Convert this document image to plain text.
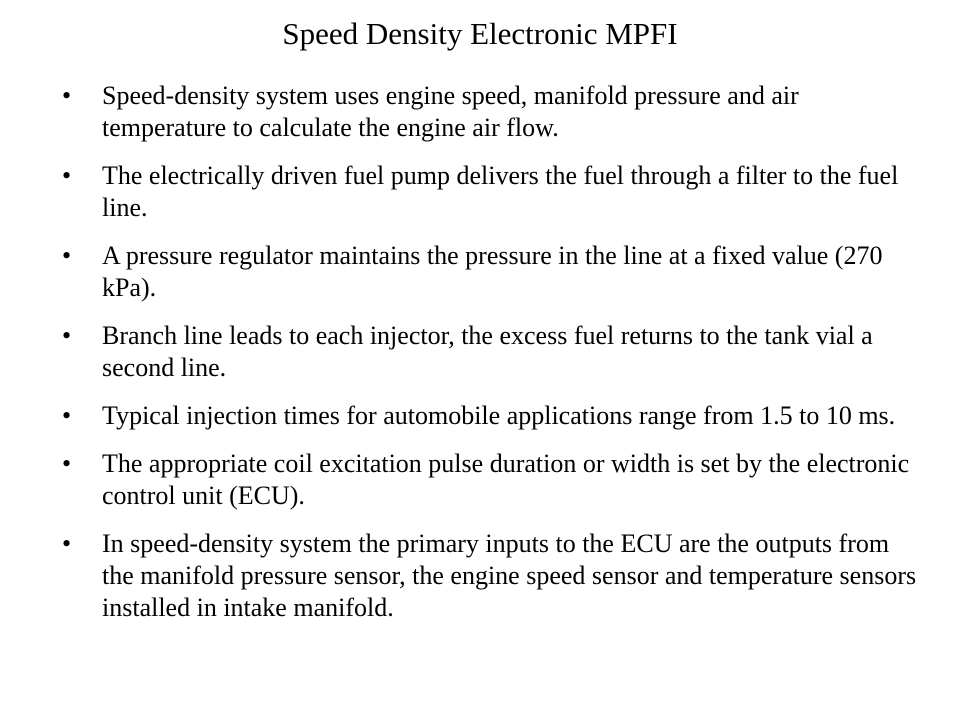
Speed Density Electronic MPFI
•	Speed-density system uses engine speed, manifold pressure and air temperature to calculate the engine air flow.
•	The electrically driven fuel pump delivers the fuel through a filter to the fuel line.
•	A pressure regulator maintains the pressure in the line at a fixed value (270 kPa).
•	Branch line leads to each injector, the excess fuel returns to the tank vial a second line.
•	Typical injection times for automobile applications range from 1.5 to 10 ms.
•	The appropriate coil excitation pulse duration or width is set by the electronic control unit (ECU).
•	In speed-density system the primary inputs to the ECU are the outputs from the manifold pressure sensor, the engine speed sensor and temperature sensors installed in intake manifold.
